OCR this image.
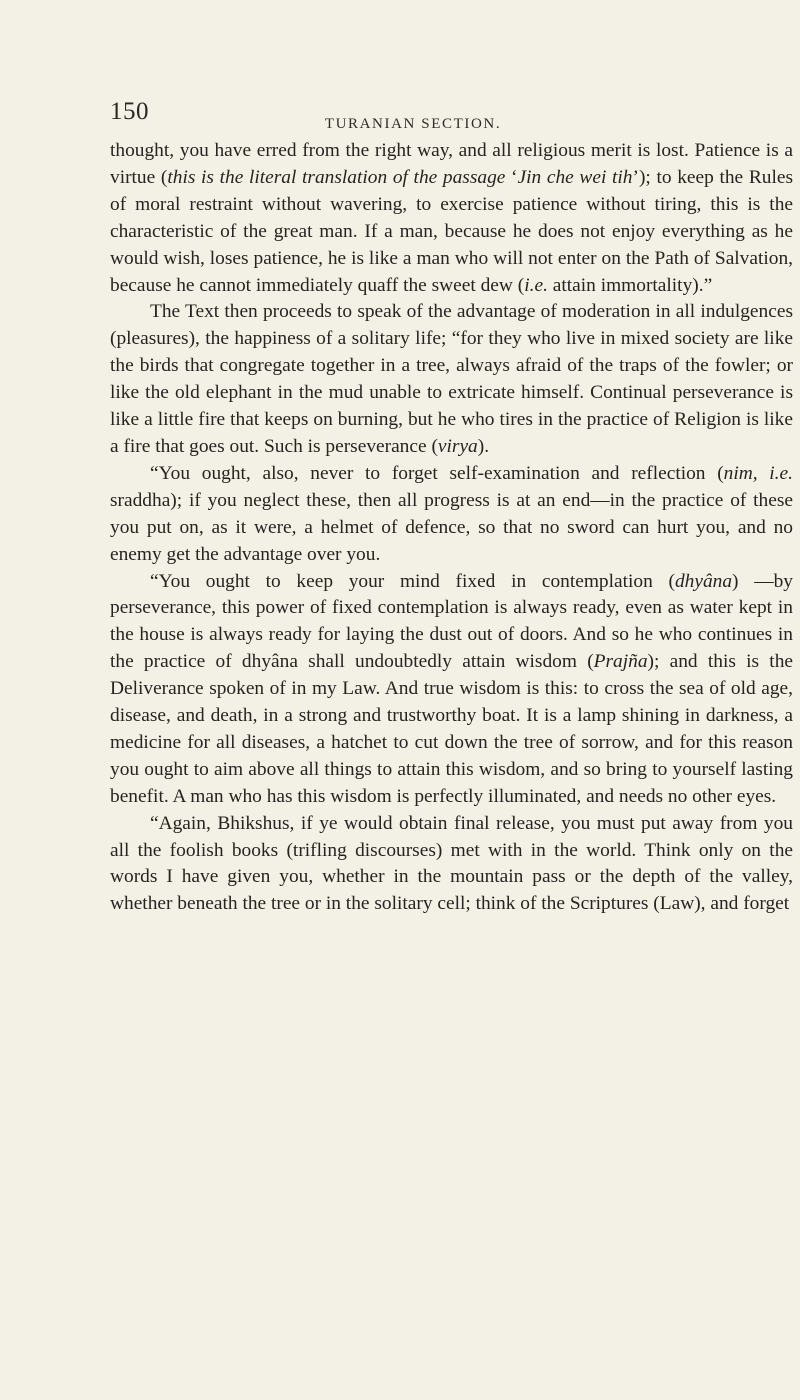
150	TURANIAN SECTION.

thought, you have erred from the right way, and all religious merit is lost. Patience is a virtue (this is the literal translation of the passage ‘Jin che wei tih’); to keep the Rules of moral restraint without wavering, to exercise patience without tiring, this is the characteristic of the great man. If a man, because he does not enjoy everything as he would wish, loses patience, he is like a man who will not enter on the Path of Salvation, because he cannot immediately quaff the sweet dew (i.e. attain immortality).”

The Text then proceeds to speak of the advantage of moderation in all indulgences (pleasures), the happiness of a solitary life; “for they who live in mixed society are like the birds that congregate together in a tree, always afraid of the traps of the fowler; or like the old elephant in the mud unable to extricate himself. Continual perseverance is like a little fire that keeps on burning, but he who tires in the practice of Religion is like a fire that goes out. Such is perseverance (virya).

“You ought, also, never to forget self-examination and reflection (nim, i.e. sraddha); if you neglect these, then all progress is at an end—in the practice of these you put on, as it were, a helmet of defence, so that no sword can hurt you, and no enemy get the advantage over you.

“You ought to keep your mind fixed in contemplation (dhyâna) —by perseverance, this power of fixed contemplation is always ready, even as water kept in the house is always ready for laying the dust out of doors. And so he who continues in the practice of dhyâna shall undoubtedly attain wisdom (Prajña); and this is the Deliverance spoken of in my Law. And true wisdom is this: to cross the sea of old age, disease, and death, in a strong and trustworthy boat. It is a lamp shining in darkness, a medicine for all diseases, a hatchet to cut down the tree of sorrow, and for this reason you ought to aim above all things to attain this wisdom, and so bring to yourself lasting benefit. A man who has this wisdom is perfectly illuminated, and needs no other eyes.

“Again, Bhikshus, if ye would obtain final release, you must put away from you all the foolish books (trifling discourses) met with in the world. Think only on the words I have given you, whether in the mountain pass or the depth of the valley, whether beneath the tree or in the solitary cell; think of the Scriptures (Law), and forget
